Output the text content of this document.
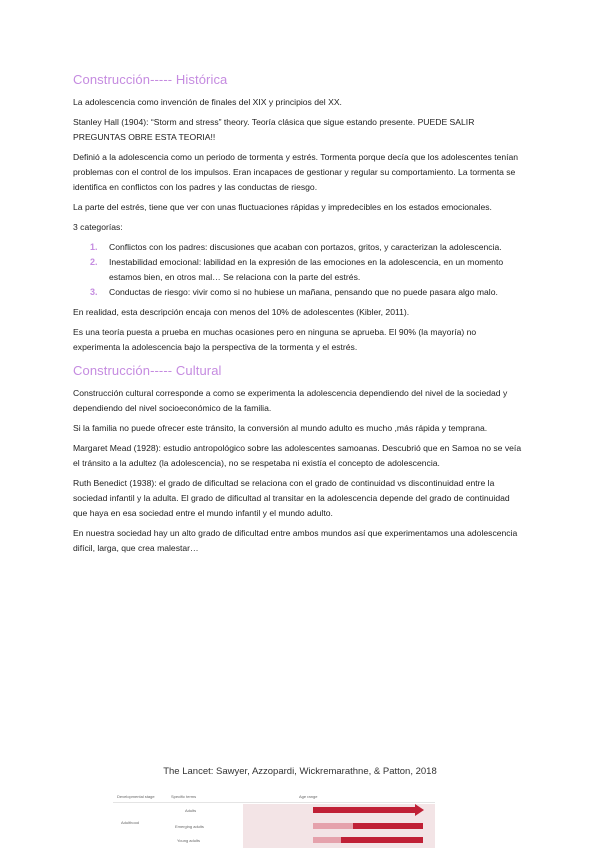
Construcción----- Histórica

La adolescencia como invención de finales del XIX y principios del XX.

Stanley Hall (1904): “Storm and stress” theory. Teoría clásica que sigue estando presente. PUEDE SALIR PREGUNTAS OBRE ESTA TEORIA!!

Definió a la adolescencia como un periodo de tormenta y estrés. Tormenta porque decía que los adolescentes tenían problemas con el control de los impulsos. Eran incapaces de gestionar y regular su comportamiento. La tormenta se identifica en conflictos con los padres y las conductas de riesgo.

La parte del estrés, tiene que ver con unas fluctuaciones rápidas y impredecibles en los estados emocionales.

3 categorías:

1. Conflictos con los padres: discusiones que acaban con portazos, gritos, y caracterizan la adolescencia.
2. Inestabilidad emocional: labilidad en la expresión de las emociones en la adolescencia, en un momento estamos bien, en otros mal… Se relaciona con la parte del estrés.
3. Conductas de riesgo: vivir como si no hubiese un mañana, pensando que no puede pasara algo malo.

En realidad, esta descripción encaja con menos del 10% de adolescentes (Kibler, 2011).

Es una teoría puesta a prueba en muchas ocasiones pero en ninguna se aprueba. El 90% (la mayoría) no experimenta la adolescencia bajo la perspectiva de la tormenta y el estrés.

Construcción----- Cultural

Construcción cultural corresponde a como se experimenta la adolescencia dependiendo del nivel de la sociedad y dependiendo del nivel socioeconómico de la familia.

Si la familia no puede ofrecer este tránsito, la conversión al mundo adulto es mucho ,más rápida y temprana.

Margaret Mead (1928): estudio antropológico sobre las adolescentes samoanas. Descubrió que en Samoa no se veía el tránsito a la adultez (la adolescencia), no se respetaba ni existía el concepto de adolescencia.

Ruth Benedict (1938): el grado de dificultad se relaciona con el grado de continuidad vs discontinuidad entre la sociedad infantil y la adulta. El grado de dificultad al transitar en la adolescencia depende del grado de continuidad que haya en esa sociedad entre el mundo infantil y el mundo adulto.

En nuestra sociedad hay un alto grado de dificultad entre ambos mundos así que experimentamos una adolescencia difícil, larga, que crea malestar…

The Lancet: Sawyer, Azzopardi, Wickremarathne, & Patton, 2018
Developmental stage	Specific terms	Age range
Adulthood
Adults
Emerging adults
Young adults
